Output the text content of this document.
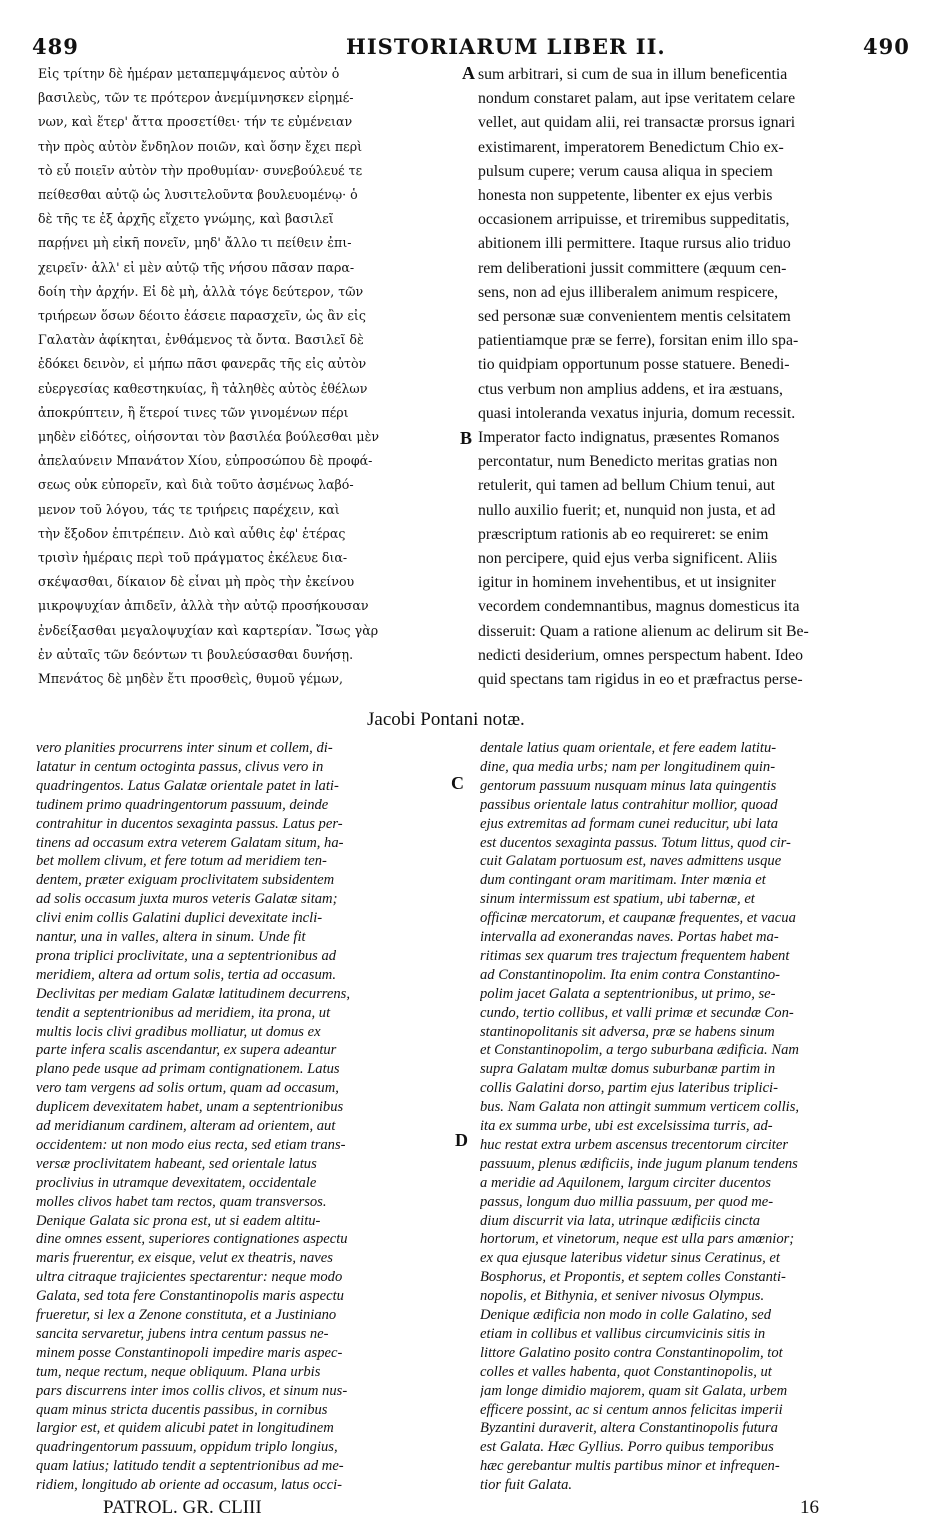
489	HISTORIARUM LIBER II.	490
Εἰς τρίτην δὲ ἡμέραν μεταπεμψάμενος αὐτὸν ὁ
βασιλεὺς, τῶν τε πρότερον ἀνεμίμνησκεν εἰρημέ-
νων, καὶ ἕτερ' ἄττα προσετίθει· τήν τε εὐμένειαν
τὴν πρὸς αὐτὸν ἔνδηλον ποιῶν, καὶ ὅσην ἔχει περὶ
τὸ εὖ ποιεῖν αὐτὸν τὴν προθυμίαν· συνεβούλευέ τε
πείθεσθαι αὐτῷ ὡς λυσιτελοῦντα βουλευομένῳ· ὁ
δὲ τῆς τε ἐξ ἀρχῆς εἴχετο γνώμης, καὶ βασιλεῖ
παρῄνει μὴ εἰκῆ πονεῖν, μηδ' ἄλλο τι πείθειν ἐπι-
χειρεῖν· ἀλλ' εἰ μὲν αὐτῷ τῆς νήσου πᾶσαν παρα-
δοίη τὴν ἀρχήν. Εἰ δὲ μὴ, ἀλλὰ τόγε δεύτερον, τῶν
τριήρεων ὅσων δέοιτο ἐάσειε παρασχεῖν, ὡς ἂν εἰς
Γαλατὰν ἀφίκηται, ἐνθάμενος τὰ ὄντα. Βασιλεῖ δὲ
ἐδόκει δεινὸν, εἰ μήπω πᾶσι φανερᾶς τῆς εἰς αὐτὸν
εὐεργεσίας καθεστηκυίας, ἢ τἀληθὲς αὐτὸς ἐθέλων
ἀποκρύπτειν, ἢ ἕτεροί τινες τῶν γινομένων πέρι
μηδὲν εἰδότες, οἰήσονται τὸν βασιλέα βούλεσθαι μὲν
ἀπελαύνειν Μπανάτον Χίου, εὐπροσώπου δὲ προφά-
σεως οὐκ εὐπορεῖν, καὶ διὰ τοῦτο ἀσμένως λαβό-
μενον τοῦ λόγου, τάς τε τριήρεις παρέχειν, καὶ
τὴν ἔξοδον ἐπιτρέπειν. Διὸ καὶ αὖθις ἐφ' ἑτέρας
τρισὶν ἡμέραις περὶ τοῦ πράγματος ἐκέλευε δια-
σκέψασθαι, δίκαιον δὲ εἶναι μὴ πρὸς τὴν ἐκείνου
μικροψυχίαν ἀπιδεῖν, ἀλλὰ τὴν αὐτῷ προσήκουσαν
ἐνδείξασθαι μεγαλοψυχίαν καὶ καρτερίαν. Ἴσως γὰρ
ἐν αὐταῖς τῶν δεόντων τι βουλεύσασθαι δυνήσῃ.
Μπενάτος δὲ μηδὲν ἔτι προσθεὶς, θυμοῦ γέμων,
sum arbitrari, si cum de sua in illum beneficentia
nondum constaret palam, aut ipse veritatem celare
vellet, aut quidam alii, rei transactæ prorsus ignari
existimarent, imperatorem Benedictum Chio ex-
pulsum cupere; verum causa aliqua in speciem
honesta non suppetente, libenter ex ejus verbis
occasionem arripuisse, et triremibus suppeditatis,
abitionem illi permittere. Itaque rursus alio triduo
rem deliberationi jussit committere (æquum cen-
sens, non ad ejus illiberalem animum respicere,
sed personæ suæ convenientem mentis celsitatem
patientiamque præ se ferre), forsitan enim illo spa-
tio quidpiam opportunum posse statuere. Benedi-
ctus verbum non amplius addens, et ira æstuans,
quasi intolerandа vexatus injuria, domum recessit.
Imperator facto indignatus, præsentes Romanos
percontatur, num Benedicto meritas gratias non
retulerit, qui tamen ad bellum Chium tenui, aut
nullo auxilio fuerit; et, nunquid non justa, et ad
præscriptum rationis ab eo requireret: se enim
non percipere, quid ejus verba significent. Aliis
igitur in hominem invehentibus, et ut insigniter
vecordem condemnantibus, magnus domesticus ita
disseruit: Quam a ratione alienum ac delirum sit Be-
nedicti desiderium, omnes perspectum habent. Ideo
quid spectans tam rigidus in eo et præfractus perse-
A
B
Jacobi Pontani notæ.
vero planities procurrens inter sinum et collem, di-
latatur in centum octoginta passus, clivus vero in
quadringentos. Latus Galatæ orientale patet in lati-
tudinem primo quadringentorum passuum, deinde
contrahitur in ducentos sexaginta passus. Latus per-
tinens ad occasum extra veterem Galatam situm, ha-
bet mollem clivum, et fere totum ad meridiem ten-
dentem, præter exiguam proclivitatem subsidentem
ad solis occasum juxta muros veteris Galatæ sitam;
clivi enim collis Galatini duplici devexitate incli-
nantur, una in valles, altera in sinum. Unde fit
prona triplici proclivitate, una a septentrionibus ad
meridiem, altera ad ortum solis, tertia ad occasum.
Declivitas per mediam Galatæ latitudinem decurrens,
tendit a septentrionibus ad meridiem, ita prona, ut
multis locis clivi gradibus molliatur, ut domus ex
parte infera scalis ascendantur, ex supera adeantur
plano pede usque ad primam contignationem. Latus
vero tam vergens ad solis ortum, quam ad occasum,
duplicem devexitatem habet, unam a septentrionibus
ad meridianum cardinem, alteram ad orientem, aut
occidentem: ut non modo eius recta, sed etiam trans-
versæ proclivitatem habeant, sed orientale latus
proclivius in utramque devexitatem, occidentale
molles clivos habet tam rectos, quam transversos.
Denique Galata sic prona est, ut si eadem altitu-
dine omnes essent, superiores contignationes aspectu
maris fruerentur, ex eisque, velut ex theatris, naves
ultra citraque trajicientes spectarentur: neque modo
Galata, sed tota fere Constantinopolis maris aspectu
frueretur, si lex a Zenone constituta, et a Justiniano
sancita servaretur, jubens intra centum passus ne-
minem posse Constantinopoli impedire maris aspec-
tum, neque rectum, neque obliquum. Plana urbis
pars discurrens inter imos collis clivos, et sinum nus-
quam minus stricta ducentis passibus, in cornibus
largior est, et quidem alicubi patet in longitudinem
quadringentorum passuum, oppidum triplo longius,
quam latius; latitudo tendit a septentrionibus ad me-
ridiem, longitudo ab oriente ad occasum, latus occi-
dentale latius quam orientale, et fere eadem latitu-
dine, qua media urbs; nam per longitudinem quin-
gentorum passuum nusquam minus lata quingentis
passibus orientale latus contrahitur mollior, quoad
ejus extremitas ad formam cunei reducitur, ubi lata
est ducentos sexaginta passus. Totum littus, quod cir-
cuit Galatam portuosum est, naves admittens usque
dum contingant oram maritimam. Inter mœnia et
sinum intermissum est spatium, ubi tabernæ, et
officinæ mercatorum, et caupanæ frequentes, et vacua
intervalla ad exonerandas naves. Portas habet ma-
ritimas sex quarum tres trajectum frequentem habent
ad Constantinopolim. Ita enim contra Constantino-
polim jacet Galata a septentrionibus, ut primo, se-
cundo, tertio collibus, et valli primæ et secundæ Con-
stantinopolitanis sit adversa, præ se habens sinum
et Constantinopolim, a tergo suburbana ædificia. Nam
supra Galatam multæ domus suburbanæ partim in
collis Galatini dorso, partim ejus lateribus triplici-
bus. Nam Galata non attingit summum verticem collis,
ita ex summa urbe, ubi est excelsissima turris, ad-
huc restat extra urbem ascensus trecentorum circiter
passuum, plenus ædificiis, inde jugum planum tendens
a meridie ad Aquilonem, largum circiter ducentos
passus, longum duo millia passuum, per quod me-
dium discurrit via lata, utrinque ædificiis cincta
hortorum, et vinetorum, neque est ulla pars amœnior;
ex qua ejusque lateribus videtur sinus Ceratinus, et
Bosphorus, et Propontis, et septem colles Constanti-
nopolis, et Bithynia, et seniver nivosus Olympus.
Denique ædificia non modo in colle Galatino, sed
etiam in collibus et vallibus circumvicinis sitis in
littore Galatino posito contra Constantinopolim, tot
colles et valles habenta, quot Constantinopolis, ut
jam longe dimidio majorem, quam sit Galata, urbem
efficere possint, ac si centum annos felicitas imperii
Byzantini duraverit, altera Constantinopolis futura
est Galata. Hæc Gyllius. Porro quibus temporibus
hæc gerebantur multis partibus minor et infrequen-
tior fuit Galata.
C
D
PATROL. GR. CLIII	16
